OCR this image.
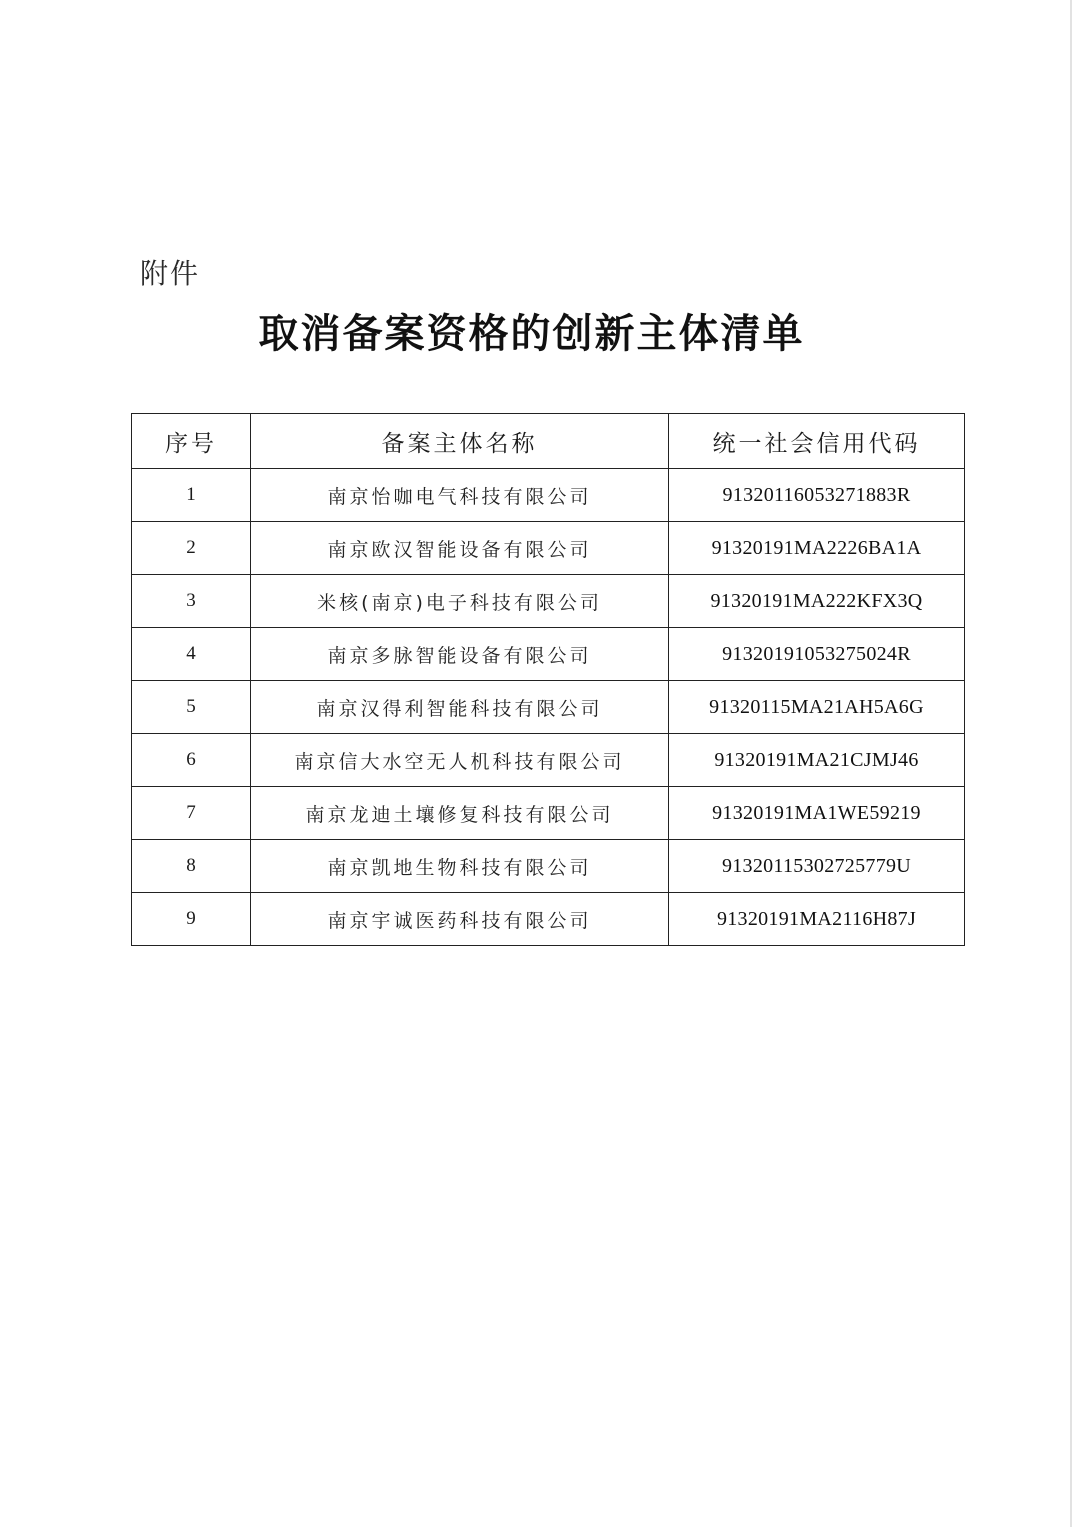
附件
取消备案资格的创新主体清单
序号	备案主体名称	统一社会信用代码
1	南京怡咖电气科技有限公司	91320116053271883R
2	南京欧汉智能设备有限公司	91320191MA2226BA1A
3	米核(南京)电子科技有限公司	91320191MA222KFX3Q
4	南京多脉智能设备有限公司	91320191053275024R
5	南京汉得利智能科技有限公司	91320115MA21AH5A6G
6	南京信大水空无人机科技有限公司	91320191MA21CJMJ46
7	南京龙迪土壤修复科技有限公司	91320191MA1WE59219
8	南京凯地生物科技有限公司	91320115302725779U
9	南京宇诚医药科技有限公司	91320191MA2116H87J
